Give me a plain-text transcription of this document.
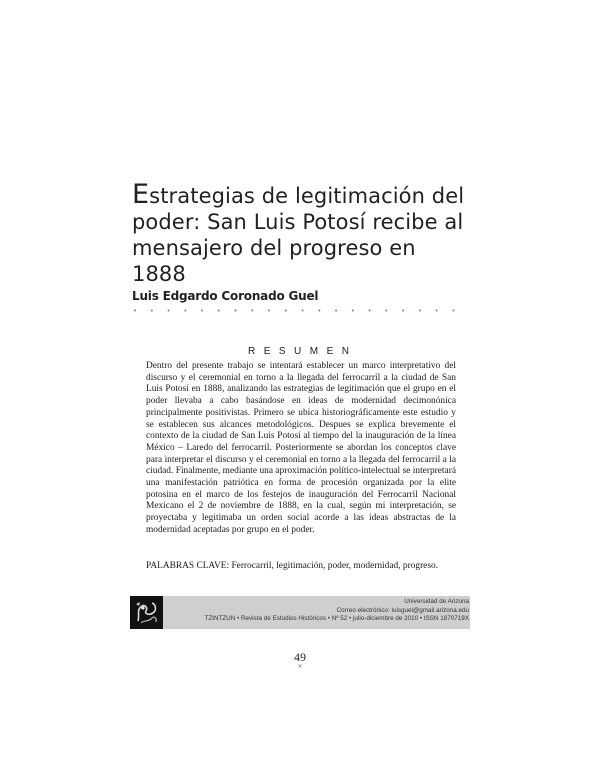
Estrategias de legitimación del poder: San Luis Potosí recibe al mensajero del progreso en 1888
Luis Edgardo Coronado Guel
• • • • • • • • • • • • • • • • • • • •
RESUMEN

Dentro del presente trabajo se intentará establecer un marco interpretativo del discurso y el ceremonial en torno a la llegada del ferrocarril a la ciudad de San Luis Potosí en 1888, analizando las estrategias de legitimación que el grupo en el poder llevaba a cabo basándose en ideas de modernidad decimonónica principalmente positivistas. Primero se ubica historiográficamente este estudio y se establecen sus alcances metodológicos. Despues se explica brevemente el contexto de la ciudad de San Luis Potosí al tiempo del la inauguración de la línea México – Laredo del ferrocarril. Posteriormente se abordan los conceptos clave para interpretar el discurso y el ceremonial en torno a la llegada del ferrocarril a la ciudad. Finalmente, mediante una aproximación político-intelectual se interpretará una manifestación patriótica en forma de procesión organizada por la elite potosina en el marco de los festejos de inauguración del Ferrocarril Nacional Mexicano el 2 de noviembre de 1888, en la cual, según mi interpretación, se proyectaba y legitimaba un orden social acorde a las ideas abstractas de la modernidad aceptadas por grupo en el poder.

PALABRAS CLAVE: Ferrocarril, legitimación, poder, modernidad, progreso.

Universidad de Arizona
Correo electrónico: luisguel@gmail.arizona.edu
TZINTZUN • Revista de Estudios Históricos • Nº 52 • julio-diciembre de 2010 • ISSN 1870719X
49
✕
